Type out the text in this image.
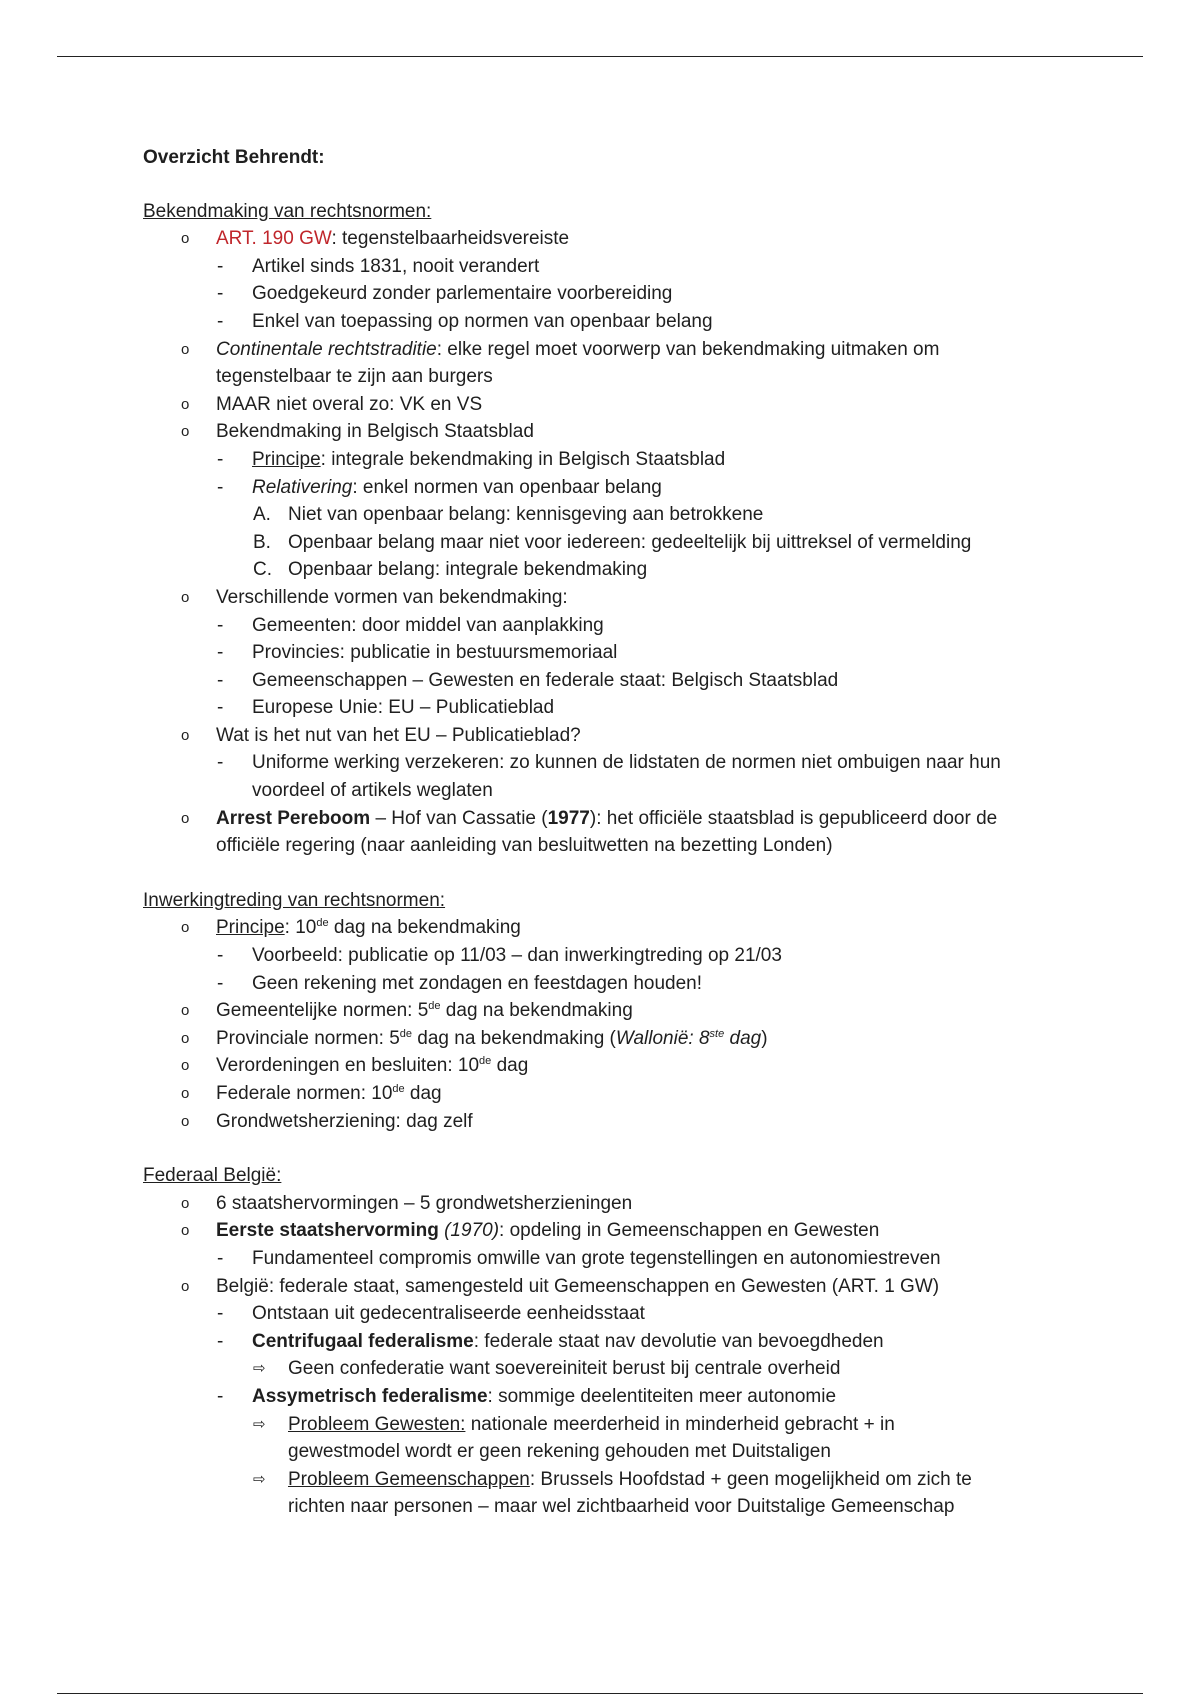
Overzicht Behrendt:

Bekendmaking van rechtsnormen:

o ART. 190 GW: tegenstelbaarheidsvereiste

- Artikel sinds 1831, nooit verandert

- Goedgekeurd zonder parlementaire voorbereiding

- Enkel van toepassing op normen van openbaar belang

o Continentale rechtstraditie: elke regel moet voorwerp van bekendmaking uitmaken om
tegenstelbaar te zijn aan burgers

o MAAR niet overal zo: VK en VS

o Bekendmaking in Belgisch Staatsblad

- Principe: integrale bekendmaking in Belgisch Staatsblad

- Relativering: enkel normen van openbaar belang

A. Niet van openbaar belang: kennisgeving aan betrokkene

B. Openbaar belang maar niet voor iedereen: gedeeltelijk bij uittreksel of vermelding

C. Openbaar belang: integrale bekendmaking

o Verschillende vormen van bekendmaking:

- Gemeenten: door middel van aanplakking

- Provincies: publicatie in bestuursmemoriaal

- Gemeenschappen – Gewesten en federale staat: Belgisch Staatsblad

- Europese Unie: EU – Publicatieblad

o Wat is het nut van het EU – Publicatieblad?

- Uniforme werking verzekeren: zo kunnen de lidstaten de normen niet ombuigen naar hun
voordeel of artikels weglaten

o Arrest Pereboom – Hof van Cassatie (1977): het officiële staatsblad is gepubliceerd door de
officiële regering (naar aanleiding van besluitwetten na bezetting Londen)

Inwerkingtreding van rechtsnormen:

o Principe: 10de dag na bekendmaking

- Voorbeeld: publicatie op 11/03 – dan inwerkingtreding op 21/03

- Geen rekening met zondagen en feestdagen houden!

o Gemeentelijke normen: 5de dag na bekendmaking

o Provinciale normen: 5de dag na bekendmaking (Wallonië: 8ste dag)

o Verordeningen en besluiten: 10de dag

o Federale normen: 10de dag

o Grondwetsherziening: dag zelf

Federaal België:

o 6 staatshervormingen – 5 grondwetsherzieningen

o Eerste staatshervorming (1970): opdeling in Gemeenschappen en Gewesten

- Fundamenteel compromis omwille van grote tegenstellingen en autonomiestreven

o België: federale staat, samengesteld uit Gemeenschappen en Gewesten (ART. 1 GW)

- Ontstaan uit gedecentraliseerde eenheidsstaat

- Centrifugaal federalisme: federale staat nav devolutie van bevoegdheden

⇨ Geen confederatie want soevereiniteit berust bij centrale overheid

- Assymetrisch federalisme: sommige deelentiteiten meer autonomie

⇨ Probleem Gewesten: nationale meerderheid in minderheid gebracht + in
gewestmodel wordt er geen rekening gehouden met Duitstaligen

⇨ Probleem Gemeenschappen: Brussels Hoofdstad + geen mogelijkheid om zich te
richten naar personen – maar wel zichtbaarheid voor Duitstalige Gemeenschap
